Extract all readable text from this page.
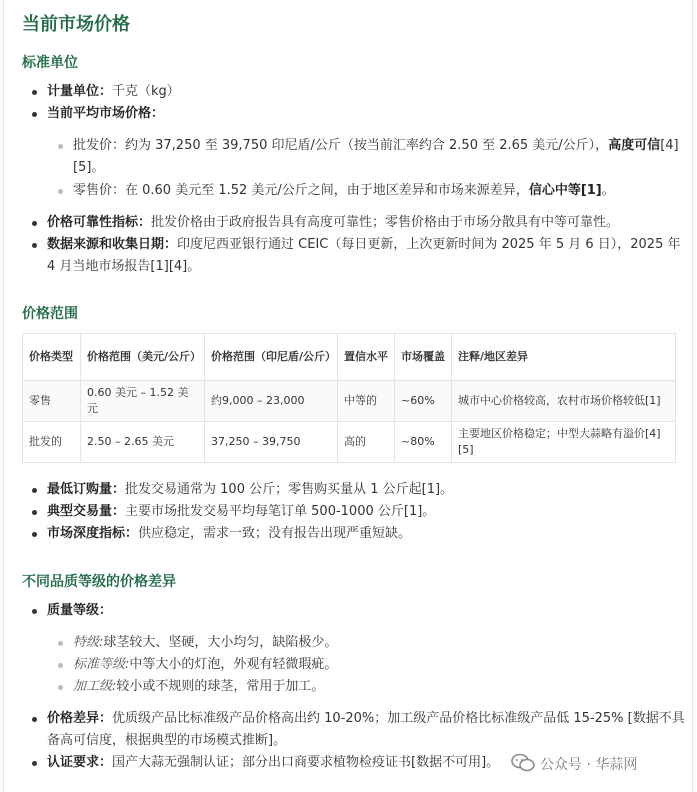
当前市场价格
标准单位
计量单位：千克（kg）
当前平均市场价格：
批发价：约为 37,250 至 39,750 印尼盾/公斤（按当前汇率约合 2.50 至 2.65 美元/公斤），高度可信[4]
[5]。
零售价：在 0.60 美元至 1.52 美元/公斤之间，由于地区差异和市场来源差异，信心中等[1]。
价格可靠性指标：批发价格由于政府报告具有高度可靠性；零售价格由于市场分散具有中等可靠性。
数据来源和收集日期：印度尼西亚银行通过 CEIC（每日更新，上次更新时间为 2025 年 5 月 6 日），2025 年
4 月当地市场报告[1][4]。
价格范围
价格类型	价格范围（美元/公斤）	价格范围（印尼盾/公斤）	置信水平	市场覆盖	注释/地区差异
零售	0.60 美元 – 1.52 美元	约9,000 – 23,000	中等的	~60%	城市中心价格较高，农村市场价格较低[1]
批发的	2.50 – 2.65 美元	37,250 – 39,750	高的	~80%	主要地区价格稳定；中型大蒜略有溢价[4][5]
最低订购量：批发交易通常为 100 公斤；零售购买量从 1 公斤起[1]。
典型交易量：主要市场批发交易平均每笔订单 500-1000 公斤[1]。
市场深度指标：供应稳定，需求一致；没有报告出现严重短缺。
不同品质等级的价格差异
质量等级：
特级:球茎较大、坚硬，大小均匀，缺陷极少。
标准等级:中等大小的灯泡，外观有轻微瑕疵。
加工级:较小或不规则的球茎，常用于加工。
价格差异：优质级产品比标准级产品价格高出约 10-20%；加工级产品价格比标准级产品低 15-25% [数据不具
备高可信度，根据典型的市场模式推断]。
认证要求：国产大蒜无强制认证；部分出口商要求植物检疫证书[数据不可用]。	公众号 · 华蒜网
